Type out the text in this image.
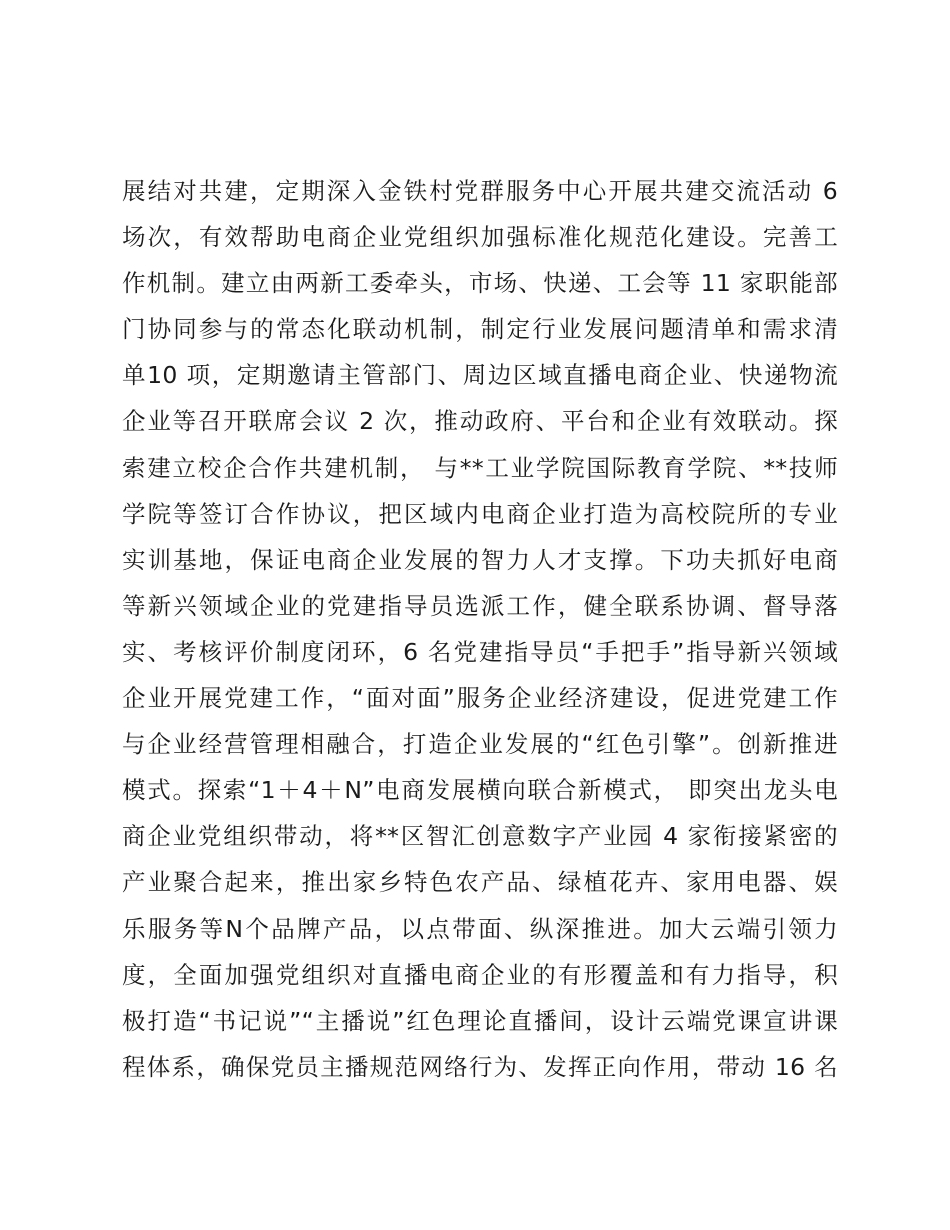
展结对共建，定期深入金铁村党群服务中心开展共建交流活动 6
场次，有效帮助电商企业党组织加强标准化规范化建设。完善工
作机制。建立由两新工委牵头，市场、快递、工会等 11 家职能部
门协同参与的常态化联动机制，制定行业发展问题清单和需求清
单10 项，定期邀请主管部门、周边区域直播电商企业、快递物流
企业等召开联席会议 2 次，推动政府、平台和企业有效联动。探
索建立校企合作共建机制， 与**工业学院国际教育学院、**技师
学院等签订合作协议，把区域内电商企业打造为高校院所的专业
实训基地，保证电商企业发展的智力人才支撑。下功夫抓好电商
等新兴领域企业的党建指导员选派工作，健全联系协调、督导落
实、考核评价制度闭环，6 名党建指导员“手把手”指导新兴领域
企业开展党建工作，“面对面”服务企业经济建设，促进党建工作
与企业经营管理相融合，打造企业发展的“红色引擎”。创新推进
模式。探索“1＋4＋N”电商发展横向联合新模式， 即突出龙头电
商企业党组织带动，将**区智汇创意数字产业园 4 家衔接紧密的
产业聚合起来，推出家乡特色农产品、绿植花卉、家用电器、娱
乐服务等N个品牌产品，以点带面、纵深推进。加大云端引领力
度，全面加强党组织对直播电商企业的有形覆盖和有力指导，积
极打造“书记说”“主播说”红色理论直播间，设计云端党课宣讲课
程体系，确保党员主播规范网络行为、发挥正向作用，带动 16 名
